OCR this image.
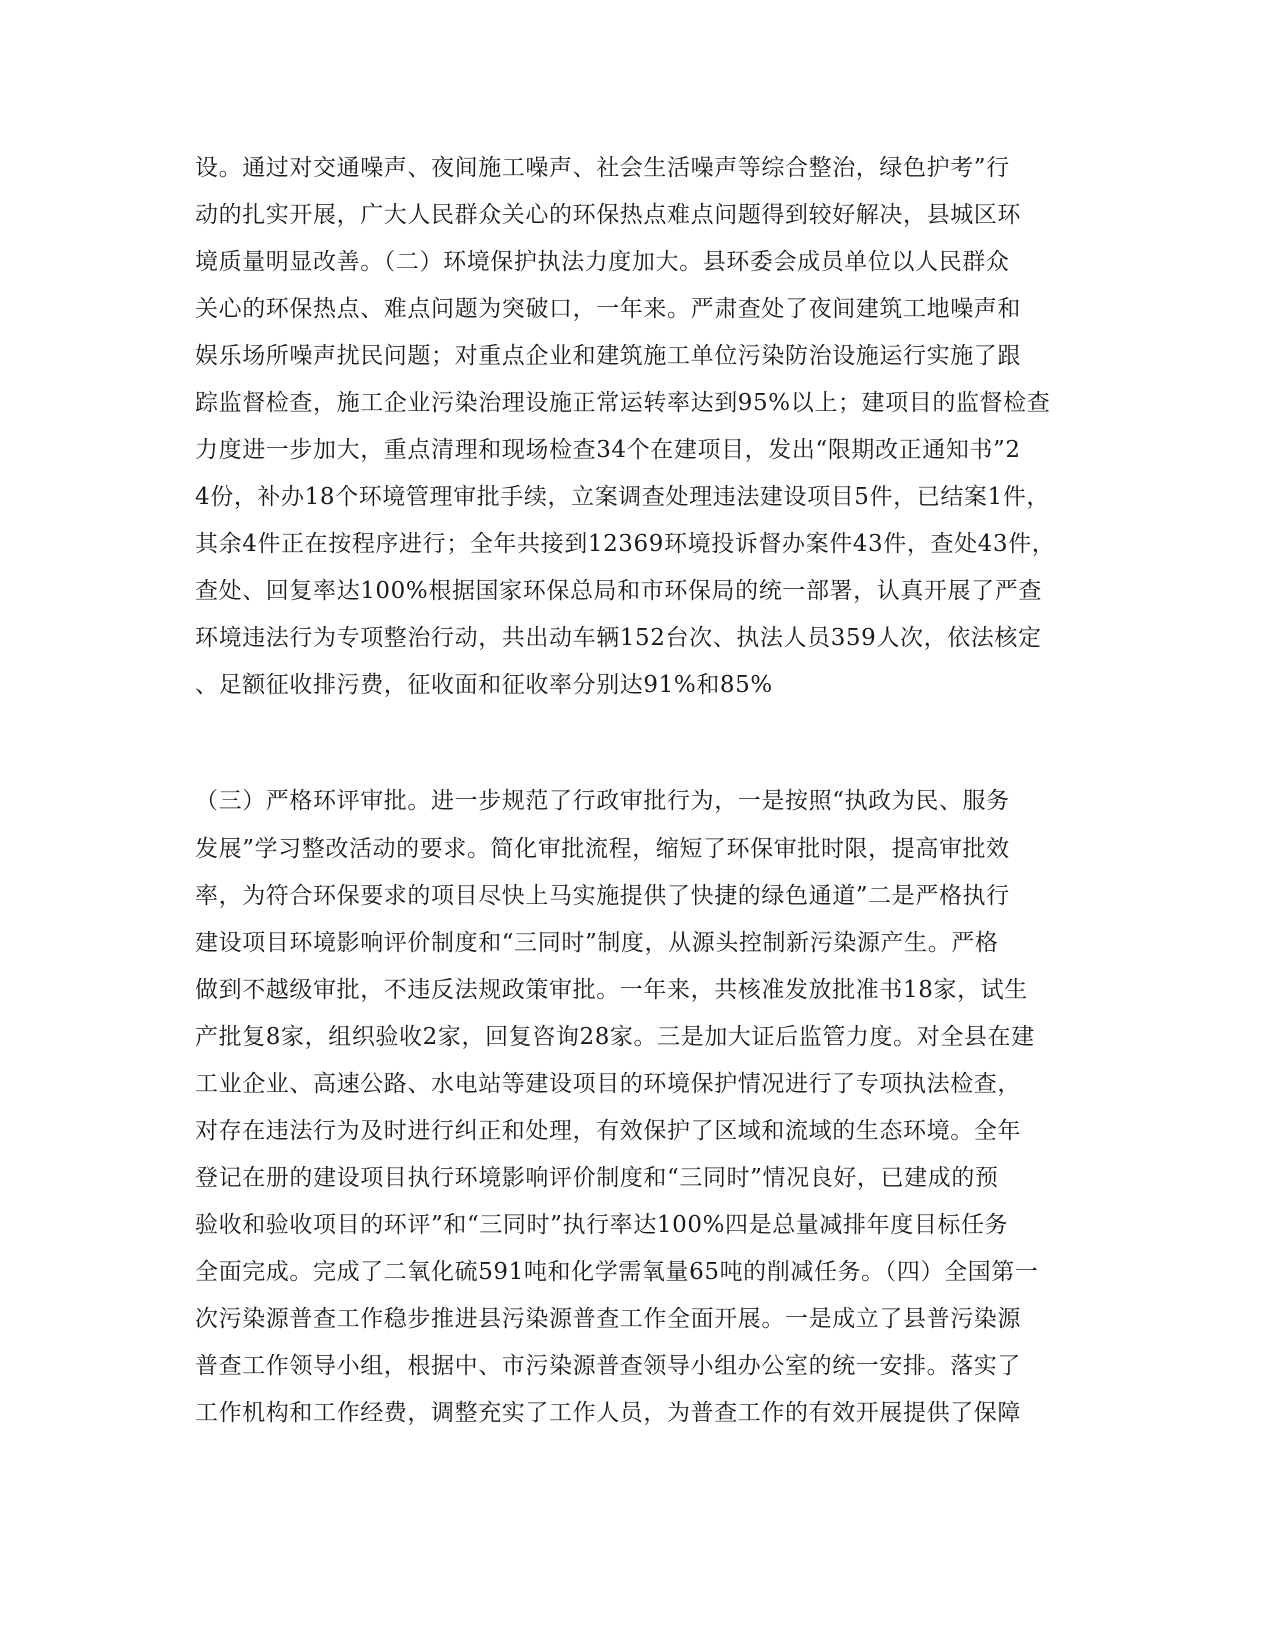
设。通过对交通噪声、夜间施工噪声、社会生活噪声等综合整治，绿色护考”行
动的扎实开展，广大人民群众关心的环保热点难点问题得到较好解决，县城区环
境质量明显改善。（二）环境保护执法力度加大。县环委会成员单位以人民群众
关心的环保热点、难点问题为突破口，一年来。严肃查处了夜间建筑工地噪声和
娱乐场所噪声扰民问题；对重点企业和建筑施工单位污染防治设施运行实施了跟
踪监督检查，施工企业污染治理设施正常运转率达到95%以上；建项目的监督检查
力度进一步加大，重点清理和现场检查34个在建项目，发出“限期改正通知书”2
4份，补办18个环境管理审批手续，立案调查处理违法建设项目5件，已结案1件，
其余4件正在按程序进行；全年共接到12369环境投诉督办案件43件，查处43件，
查处、回复率达100%根据国家环保总局和市环保局的统一部署，认真开展了严查
环境违法行为专项整治行动，共出动车辆152台次、执法人员359人次，依法核定
、足额征收排污费，征收面和征收率分别达91%和85%
（三）严格环评审批。进一步规范了行政审批行为，一是按照“执政为民、服务
发展”学习整改活动的要求。简化审批流程，缩短了环保审批时限，提高审批效
率，为符合环保要求的项目尽快上马实施提供了快捷的绿色通道”二是严格执行
建设项目环境影响评价制度和“三同时”制度，从源头控制新污染源产生。严格
做到不越级审批，不违反法规政策审批。一年来，共核准发放批准书18家，试生
产批复8家，组织验收2家，回复咨询28家。三是加大证后监管力度。对全县在建
工业企业、高速公路、水电站等建设项目的环境保护情况进行了专项执法检查，
对存在违法行为及时进行纠正和处理，有效保护了区域和流域的生态环境。全年
登记在册的建设项目执行环境影响评价制度和“三同时”情况良好，已建成的预
验收和验收项目的环评”和“三同时”执行率达100%四是总量减排年度目标任务
全面完成。完成了二氧化硫591吨和化学需氧量65吨的削减任务。（四）全国第一
次污染源普查工作稳步推进县污染源普查工作全面开展。一是成立了县普污染源
普查工作领导小组，根据中、市污染源普查领导小组办公室的统一安排。落实了
工作机构和工作经费，调整充实了工作人员，为普查工作的有效开展提供了保障
